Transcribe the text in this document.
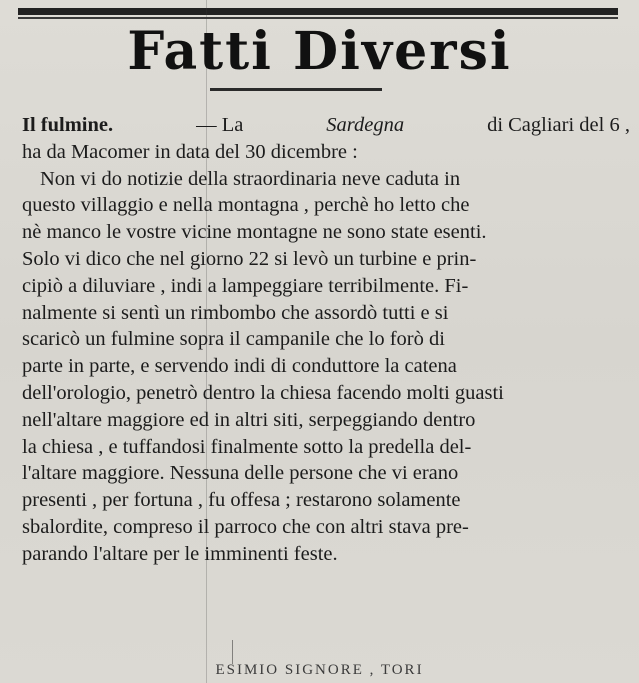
Fatti Diversi
Il fulmine.	— La	Sardegna	di Cagliari del 6 ,
ha da Macomer in data del 30 dicembre :
Non vi do notizie della straordinaria neve caduta in
questo villaggio e nella montagna , perchè ho letto che
nè manco le vostre vicine montagne ne sono state esenti.
Solo vi dico che nel giorno 22 si levò un turbine e prin-
cipiò a diluviare , indi a lampeggiare terribilmente. Fi-
nalmente si sentì un rimbombo che assordò tutti e si
scaricò un fulmine sopra il campanile che lo forò di
parte in parte, e servendo indi di conduttore la catena
dell'orologio, penetrò dentro la chiesa facendo molti guasti
nell'altare maggiore ed in altri siti, serpeggiando dentro
la chiesa , e tuffandosi finalmente sotto la predella del-
l'altare maggiore. Nessuna delle persone che vi erano
presenti , per fortuna , fu offesa ; restarono solamente
sbalordite, compreso il parroco che con altri stava pre-
parando l'altare per le imminenti feste.
ESIMIO SIGNORE , TORI
